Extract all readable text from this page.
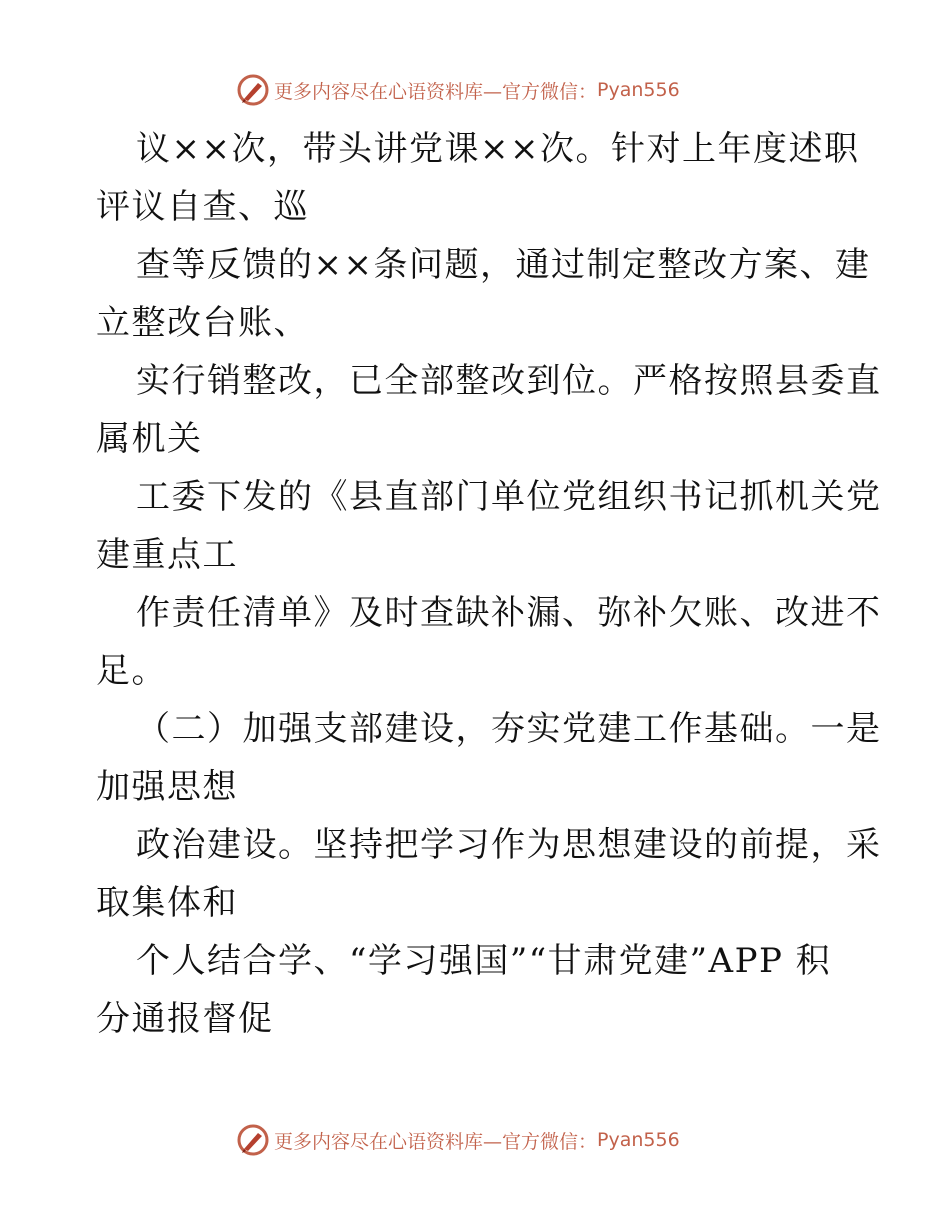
更多内容尽在心语资料库—官方微信： Pyan556

议××次，带头讲党课××次。针对上年度述职

评议自查、巡

查等反馈的××条问题，通过制定整改方案、建

立整改台账、

实行销整改，已全部整改到位。严格按照县委直

属机关

工委下发的《县直部门单位党组织书记抓机关党

建重点工

作责任清单》及时查缺补漏、弥补欠账、改进不

足。

（二）加强支部建设，夯实党建工作基础。一是

加强思想

政治建设。坚持把学习作为思想建设的前提，采

取集体和

个人结合学、“学习强国”“甘肃党建”APP 积

分通报督促

更多内容尽在心语资料库—官方微信： Pyan556
